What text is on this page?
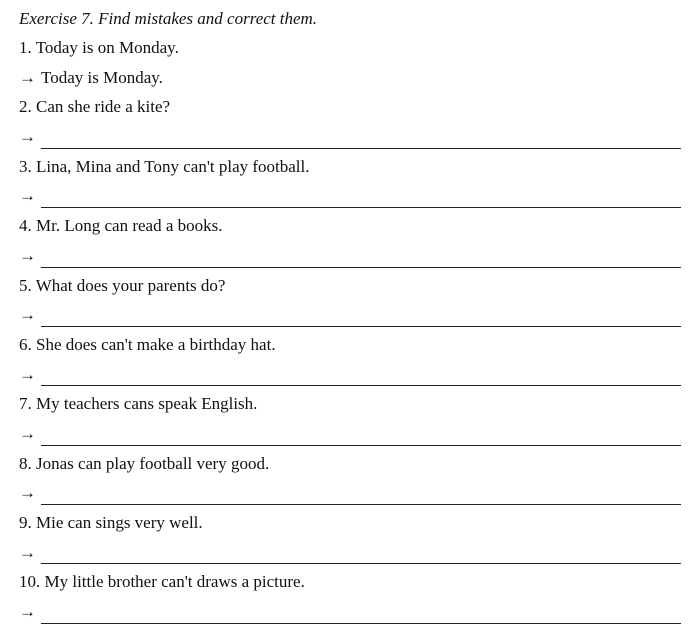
Exercise 7. Find mistakes and correct them.
1. Today is on Monday.
→ Today is Monday.
2. Can she ride a kite?
→
3. Lina, Mina and Tony can't play football.
→
4. Mr. Long can read a books.
→
5. What does your parents do?
→
6. She does can't make a birthday hat.
→
7. My teachers cans speak English.
→
8. Jonas can play football very good.
→
9. Mie can sings very well.
→
10. My little brother can't draws a picture.
→
